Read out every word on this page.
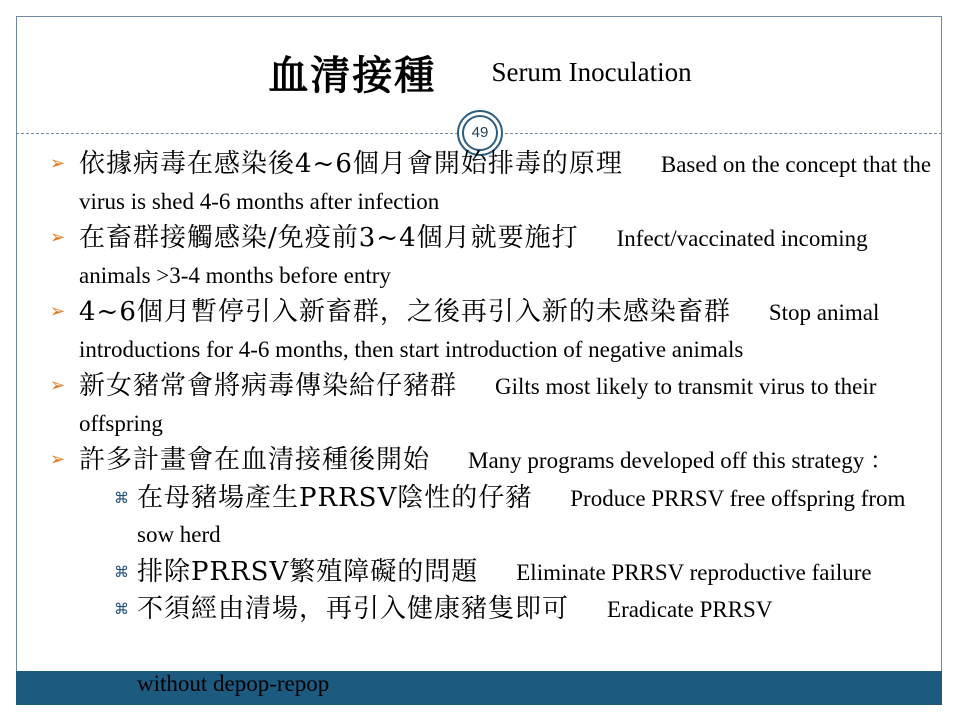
血清接種 Serum Inoculation
49
➢ 依據病毒在感染後4~6個月會開始排毒的原理 Based on the concept that the virus is shed 4-6 months after infection
➢ 在畜群接觸感染/免疫前3~4個月就要施打 Infect/vaccinated incoming animals >3-4 months before entry
➢ 4~6個月暫停引入新畜群，之後再引入新的未感染畜群 Stop animal introductions for 4-6 months, then start introduction of negative animals
➢ 新女豬常會將病毒傳染給仔豬群 Gilts most likely to transmit virus to their offspring
➢ 許多計畫會在血清接種後開始 Many programs developed off this strategy ：
⌘ 在母豬場產生PRRSV陰性的仔豬 Produce PRRSV free offspring from sow herd
⌘ 排除PRRSV繁殖障礙的問題 Eliminate PRRSV reproductive failure
⌘ 不須經由清場，再引入健康豬隻即可 Eradicate PRRSV
without depop-repop
